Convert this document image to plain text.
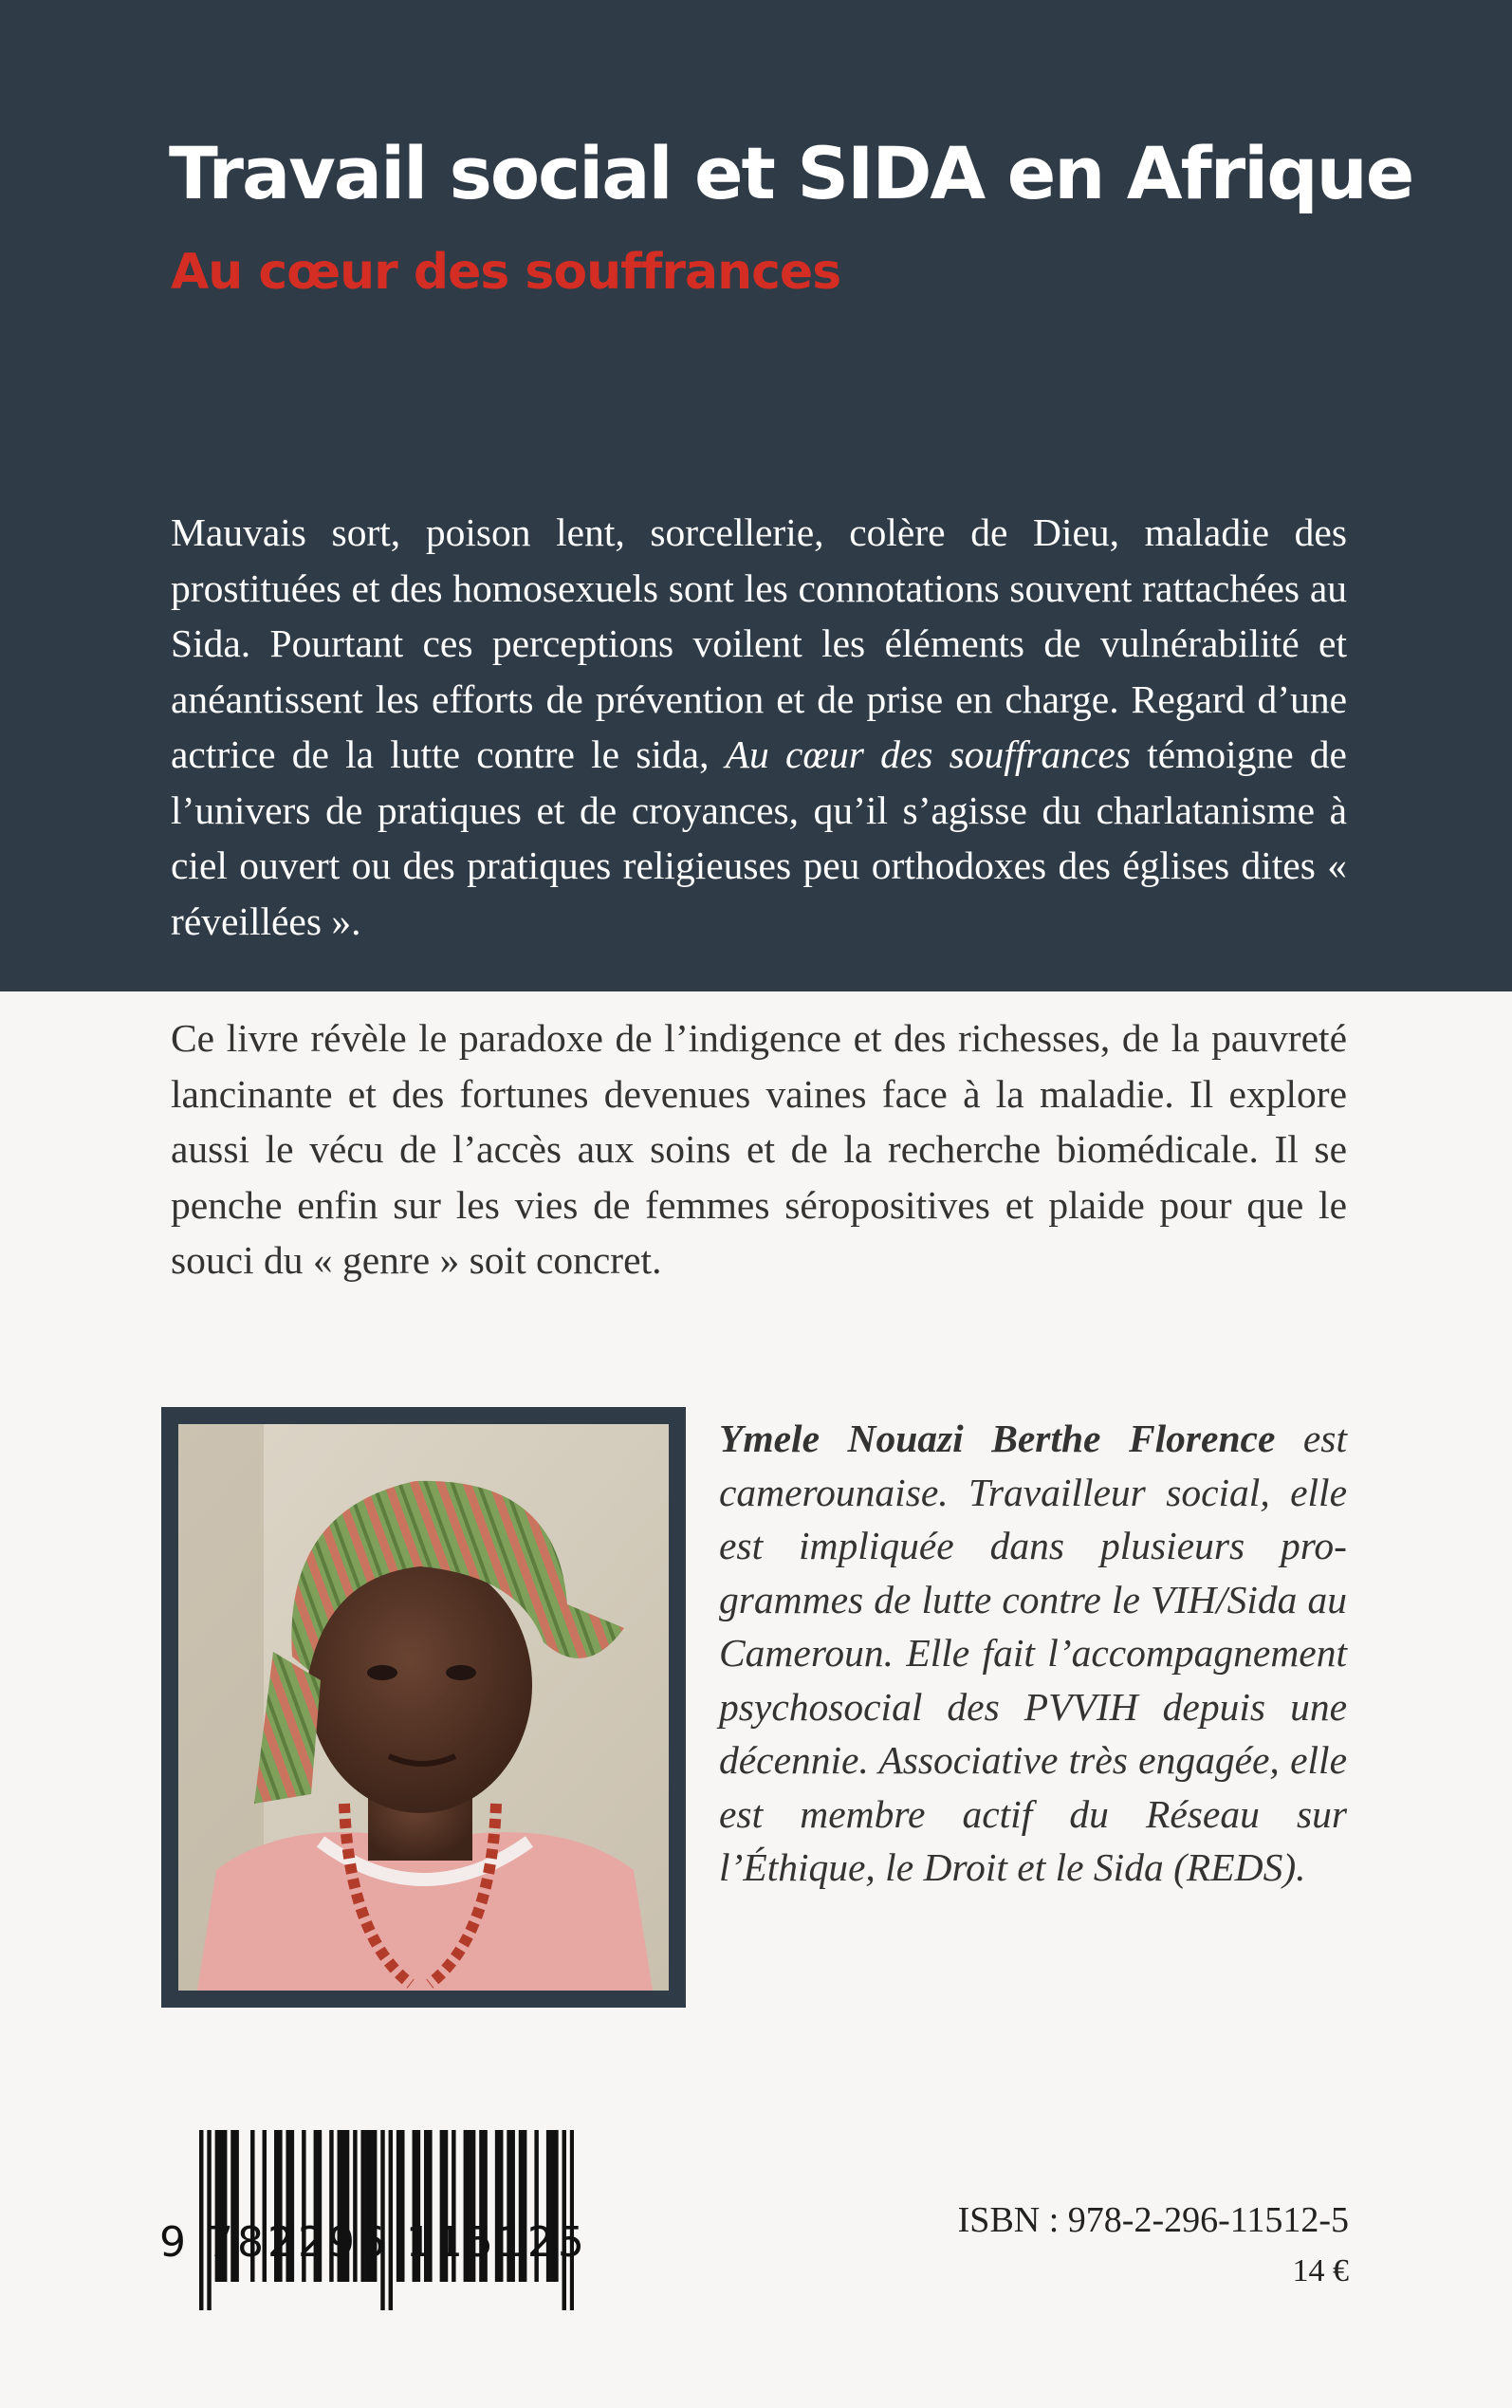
Travail social et SIDA en Afrique
Au cœur des souffrances

Mauvais sort, poison lent, sorcellerie, colère de Dieu, maladie des prostituées et des homosexuels sont les connotations souvent rattachées au Sida. Pourtant ces perceptions voilent les éléments de vulnérabilité et anéantissent les efforts de prévention et de prise en charge. Regard d’une actrice de la lutte contre le sida, Au cœur des souffrances témoigne de l’univers de pratiques et de croyances, qu’il s’agisse du charlatanisme à ciel ouvert ou des pratiques religieuses peu orthodoxes des églises dites « réveillées ».

Ce livre révèle le paradoxe de l’indigence et des richesses, de la pauvreté lancinante et des fortunes devenues vaines face à la maladie. Il explore aussi le vécu de l’accès aux soins et de la recherche biomédicale. Il se penche enfin sur les vies de femmes séropositives et plaide pour que le souci du « genre » soit concret.

Ymele Nouazi Berthe Florence est camerounaise. Travailleur social, elle est impliquée dans plusieurs programmes de lutte contre le VIH/Sida au Cameroun. Elle fait l’accompagnement psychosocial des PVVIH depuis une décennie. Associative très engagée, elle est membre actif du Réseau sur l’Éthique, le Droit et le Sida (REDS).

9 782296 115125	ISBN : 978-2-296-11512-5

14 €
